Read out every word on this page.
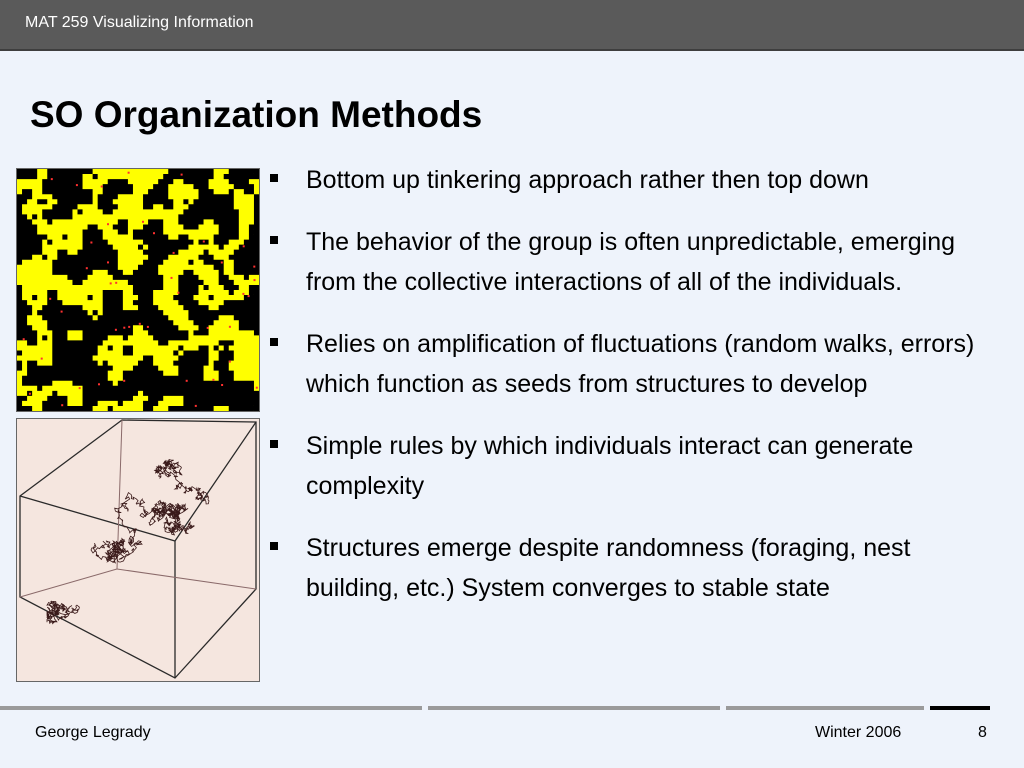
MAT 259 Visualizing Information
SO Organization Methods
Bottom up tinkering approach rather then top down
The behavior of the group is often unpredictable, emerging from the collective interactions of all of the individuals.
Relies on amplification of fluctuations (random walks, errors) which function as seeds from structures to develop
Simple rules by which individuals interact can generate complexity
Structures emerge despite randomness (foraging, nest building, etc.) System converges to stable state
George Legrady	Winter 2006	8
